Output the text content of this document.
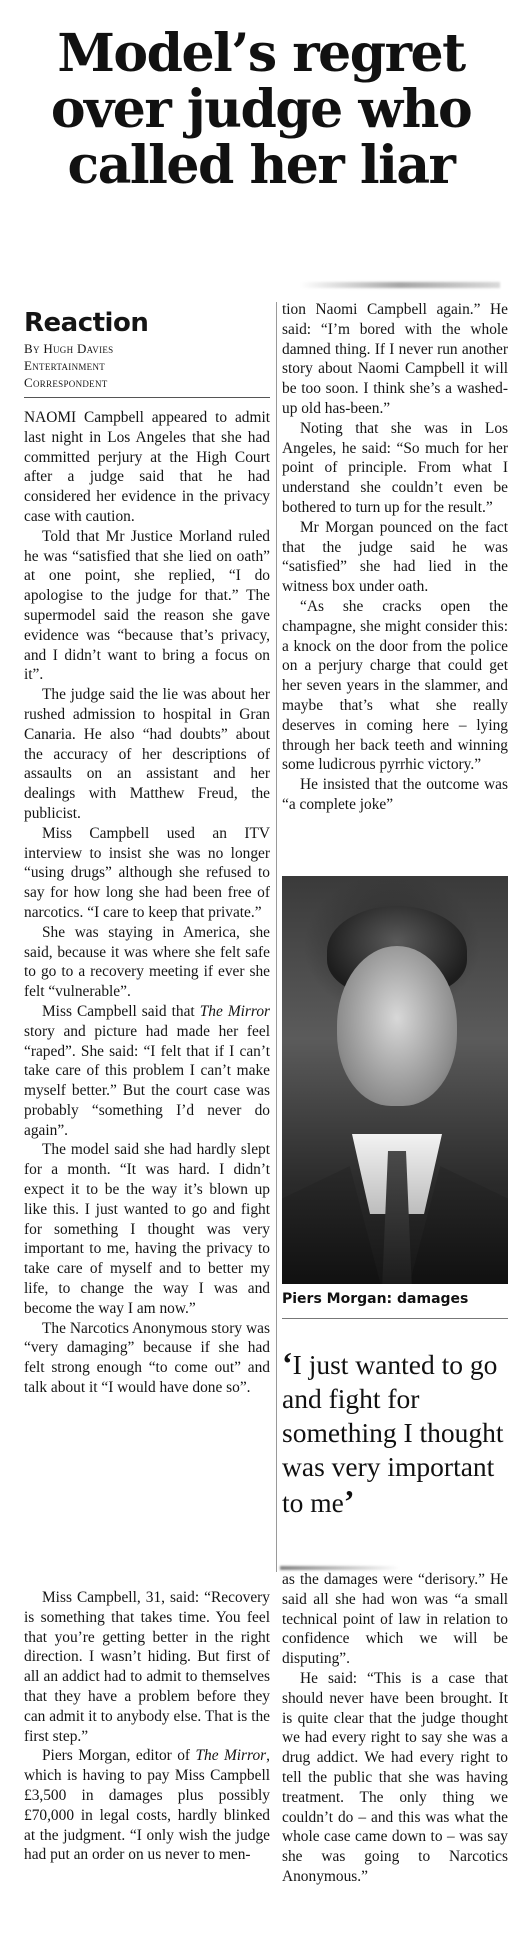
Model’s regret
over judge who
called her liar
Reaction
By Hugh Davies
Entertainment
Correspondent

NAOMI Campbell appeared to admit last night in Los Angeles that she had committed perjury at the High Court after a judge said that he had considered her evidence in the privacy case with caution.

Told that Mr Justice Morland ruled he was “satisfied that she lied on oath” at one point, she replied, “I do apologise to the judge for that.” The supermodel said the reason she gave evidence was “because that’s privacy, and I didn’t want to bring a focus on it”.

The judge said the lie was about her rushed admission to hospital in Gran Canaria. He also “had doubts” about the accuracy of her descriptions of assaults on an assistant and her dealings with Matthew Freud, the publicist.

Miss Campbell used an ITV interview to insist she was no longer “using drugs” although she refused to say for how long she had been free of narcotics. “I care to keep that private.”

She was staying in America, she said, because it was where she felt safe to go to a recovery meeting if ever she felt “vulnerable”.

Miss Campbell said that The Mirror story and picture had made her feel “raped”. She said: “I felt that if I can’t take care of this problem I can’t make myself better.” But the court case was probably “something I’d never do again”.

The model said she had hardly slept for a month. “It was hard. I didn’t expect it to be the way it’s blown up like this. I just wanted to go and fight for something I thought was very important to me, having the privacy to take care of myself and to better my life, to change the way I was and become the way I am now.”

The Narcotics Anonymous story was “very damaging” because if she had felt strong enough “to come out” and talk about it “I would have done so”.

Miss Campbell, 31, said: “Recovery is something that takes time. You feel that you’re getting better in the right direction. I wasn’t hiding. But first of all an addict had to admit to themselves that they have a problem before they can admit it to anybody else. That is the first step.”

Piers Morgan, editor of The Mirror, which is having to pay Miss Campbell £3,500 in damages plus possibly £70,000 in legal costs, hardly blinked at the judgment. “I only wish the judge had put an order on us never to men-

tion Naomi Campbell again.” He said: “I’m bored with the whole damned thing. If I never run another story about Naomi Campbell it will be too soon. I think she’s a washed-up old has-been.”

Noting that she was in Los Angeles, he said: “So much for her point of principle. From what I understand she couldn’t even be bothered to turn up for the result.”

Mr Morgan pounced on the fact that the judge said he was “satisfied” she had lied in the witness box under oath.

“As she cracks open the champagne, she might consider this: a knock on the door from the police on a perjury charge that could get her seven years in the slammer, and maybe that’s what she really deserves in coming here – lying through her back teeth and winning some ludicrous pyrrhic victory.”

He insisted that the outcome was “a complete joke”

Piers Morgan: damages
‘I just wanted to go and fight for something I thought was very important to me’

as the damages were “derisory.” He said all she had won was “a small technical point of law in relation to confidence which we will be disputing”.

He said: “This is a case that should never have been brought. It is quite clear that the judge thought we had every right to say she was a drug addict. We had every right to tell the public that she was having treatment. The only thing we couldn’t do – and this was what the whole case came down to – was say she was going to Narcotics Anonymous.”
